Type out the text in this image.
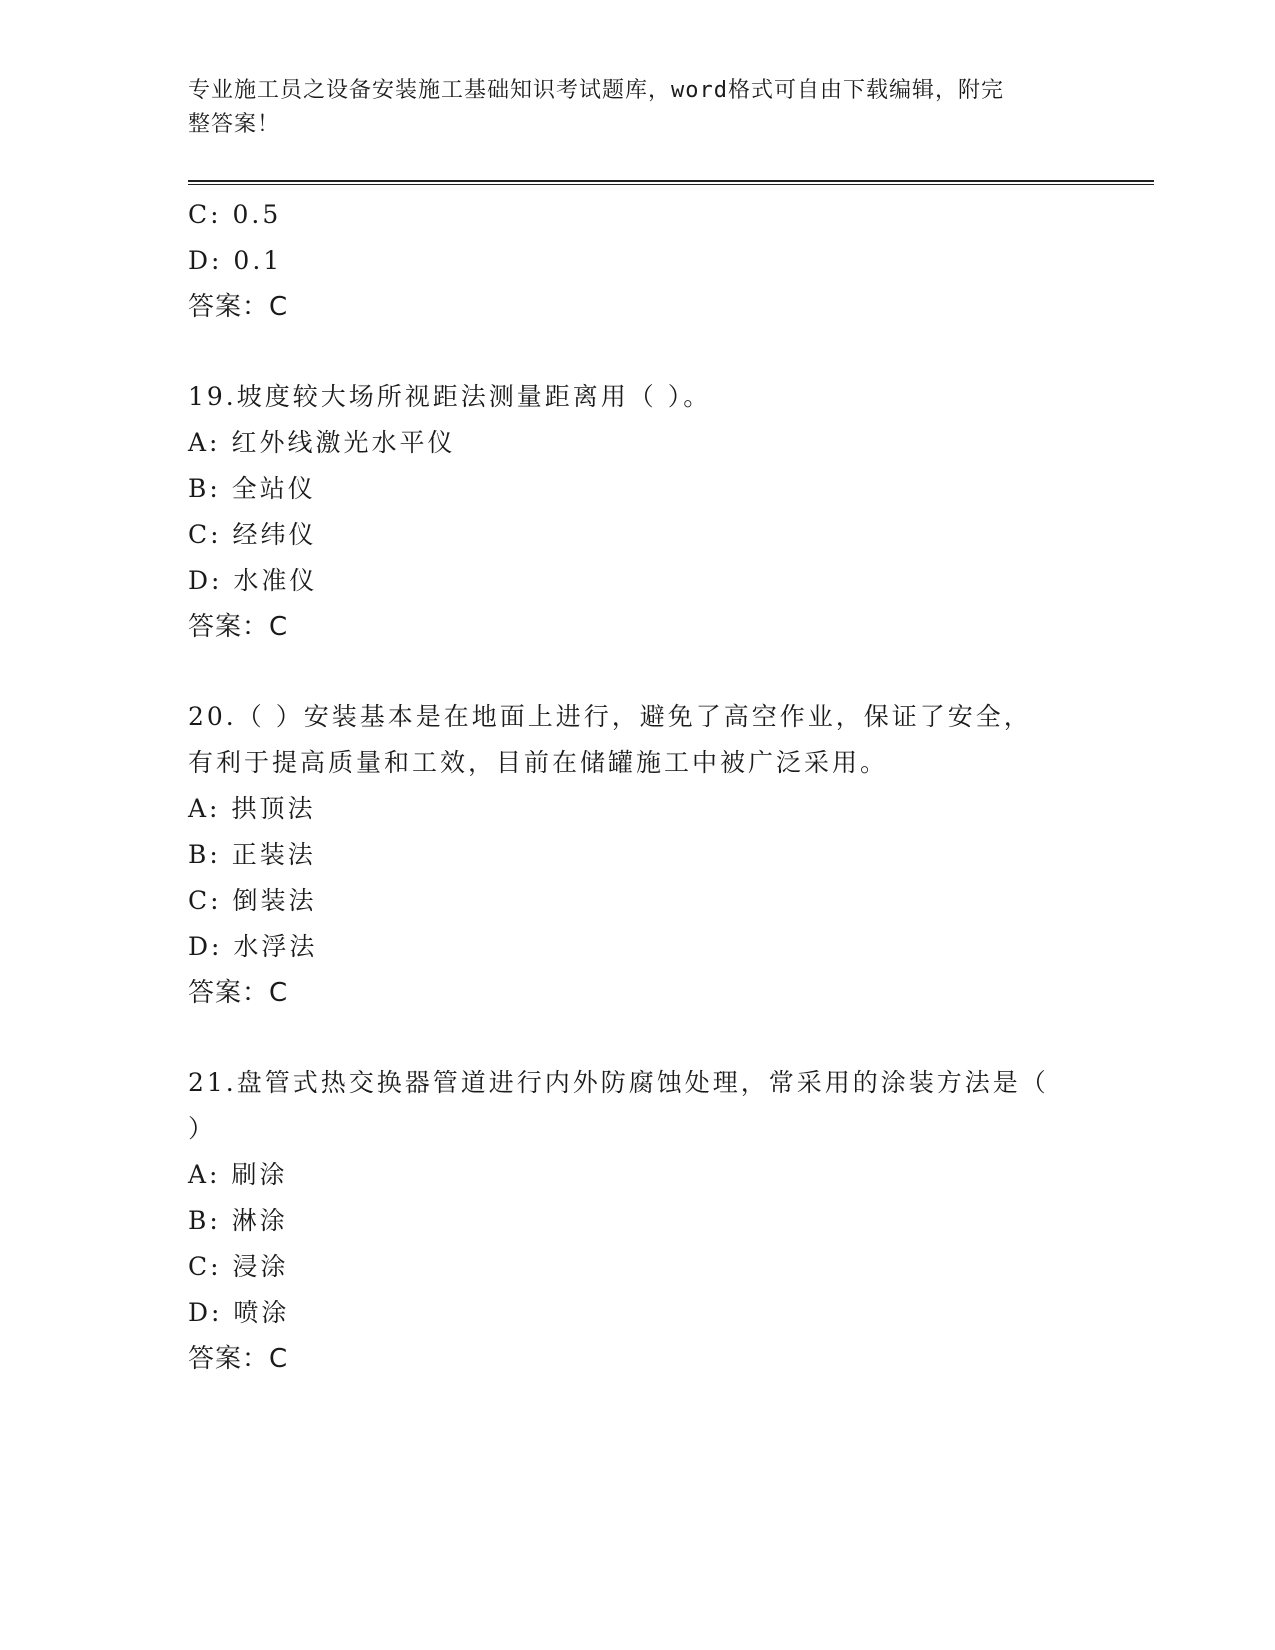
专业施工员之设备安装施工基础知识考试题库，word格式可自由下载编辑，附完
整答案！
C: 0.5
D: 0.1
答案：C
19.坡度较大场所视距法测量距离用（ ）。
A: 红外线激光水平仪
B: 全站仪
C: 经纬仪
D: 水准仪
答案：C
20.（ ）安装基本是在地面上进行，避免了高空作业，保证了安全，
有利于提高质量和工效，目前在储罐施工中被广泛采用。
A: 拱顶法
B: 正装法
C: 倒装法
D: 水浮法
答案：C
21.盘管式热交换器管道进行内外防腐蚀处理，常采用的涂装方法是（
）
A: 刷涂
B: 淋涂
C: 浸涂
D: 喷涂
答案：C
